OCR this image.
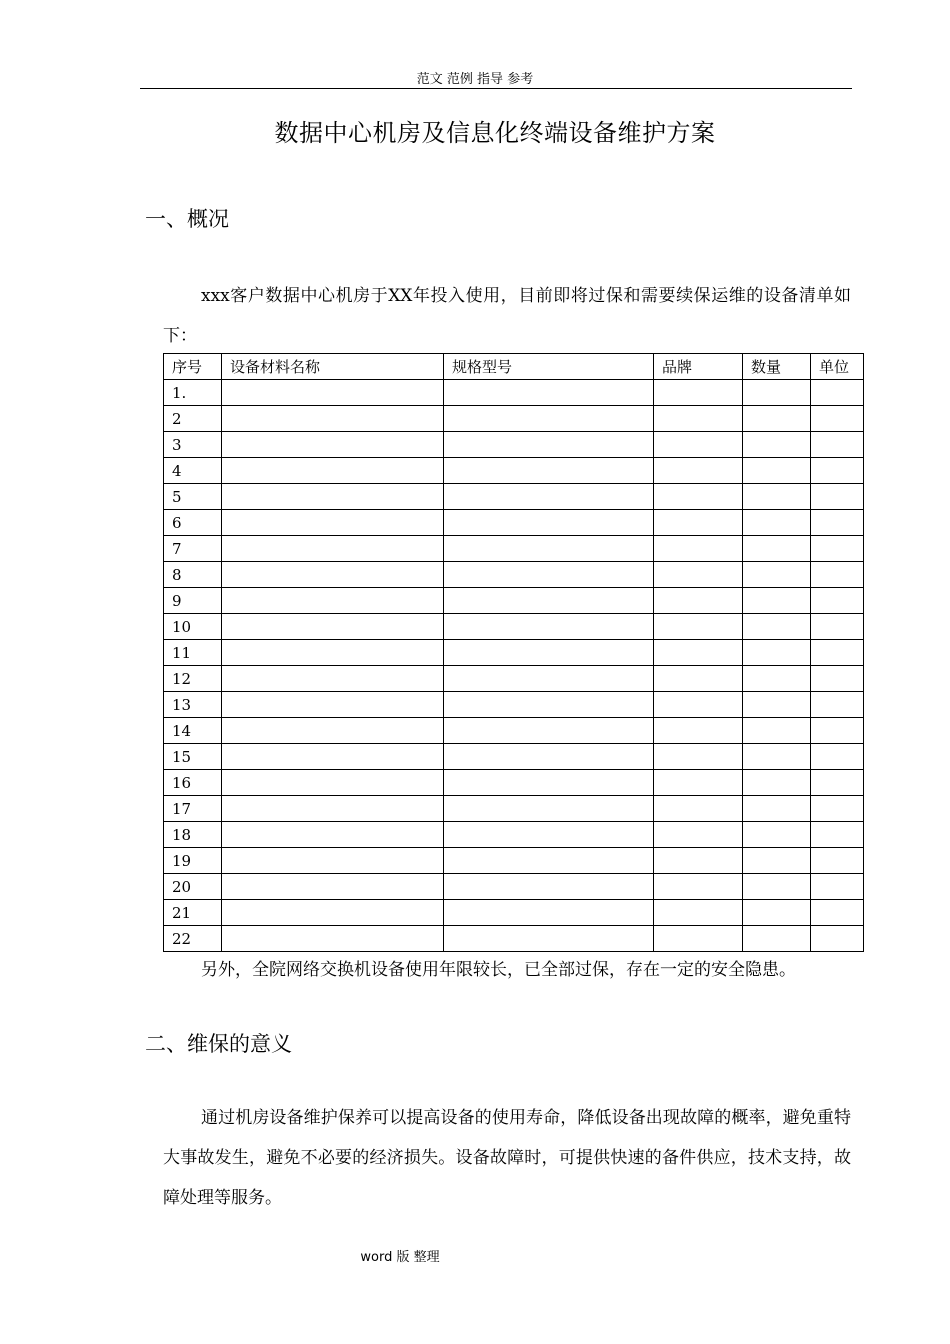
范文 范例 指导 参考
数据中心机房及信息化终端设备维护方案
一、概况
xxx客户数据中心机房于XX年投入使用，目前即将过保和需要续保运维的设备清单如下：
序号	设备材料名称	规格型号	品牌	数量	单位
1.					
2					
3					
4					
5					
6					
7					
8					
9					
10					
11					
12					
13					
14					
15					
16					
17					
18					
19					
20					
21					
22					
另外，全院网络交换机设备使用年限较长，已全部过保，存在一定的安全隐患。
二、维保的意义
通过机房设备维护保养可以提高设备的使用寿命，降低设备出现故障的概率，避免重特大事故发生，避免不必要的经济损失。设备故障时，可提供快速的备件供应，技术支持，故障处理等服务。
word 版 整理
